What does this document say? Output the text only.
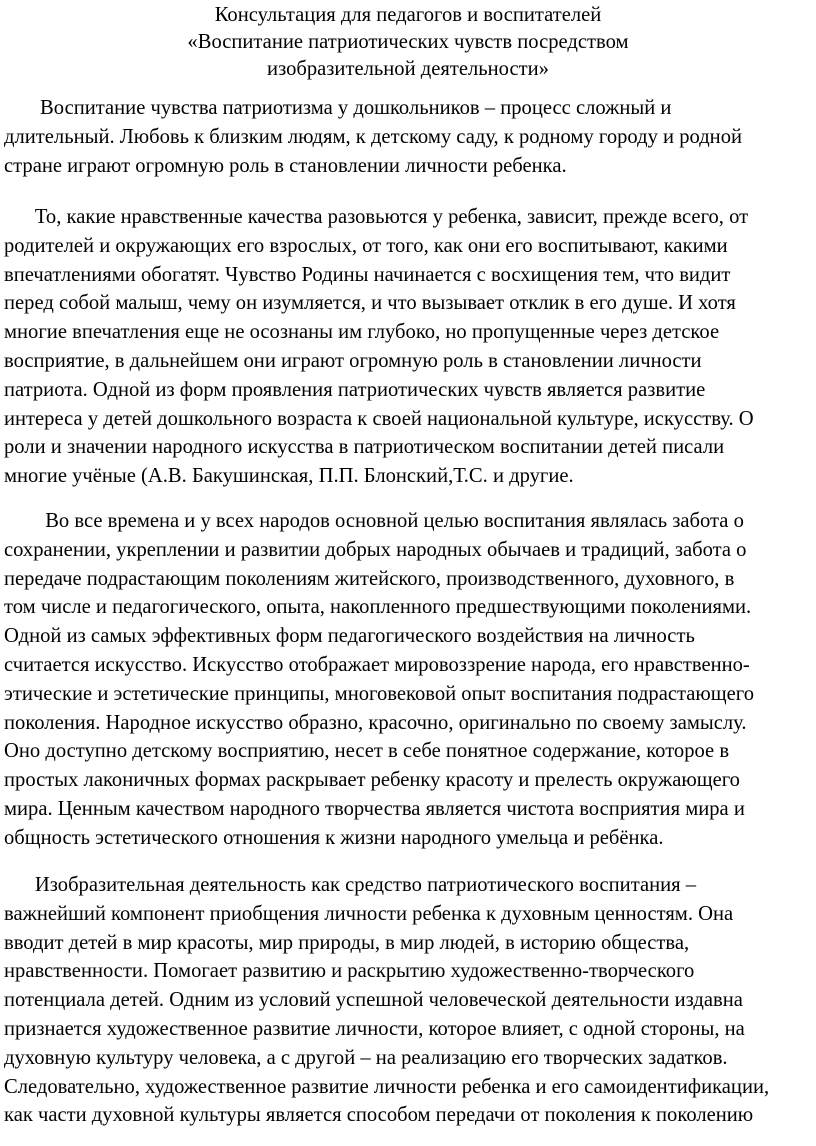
Консультация для педагогов и воспитателей
«Воспитание патриотических чувств посредством
изобразительной деятельности»
Воспитание чувства патриотизма у дошкольников – процесс сложный и
длительный. Любовь к близким людям, к детскому саду, к родному городу и родной
стране играют огромную роль в становлении личности ребенка.
То, какие нравственные качества разовьются у ребенка, зависит, прежде всего, от
родителей и окружающих его взрослых, от того, как они его воспитывают, какими
впечатлениями обогатят. Чувство Родины начинается с восхищения тем, что видит
перед собой малыш, чему он изумляется, и что вызывает отклик в его душе. И хотя
многие впечатления еще не осознаны им глубоко, но пропущенные через детское
восприятие, в дальнейшем они играют огромную роль в становлении личности
патриота. Одной из форм проявления патриотических чувств является развитие
интереса у детей дошкольного возраста к своей национальной культуре, искусству. О
роли и значении народного искусства в патриотическом воспитании детей писали
многие учёные (А.В. Бакушинская, П.П. Блонский,Т.С. и другие.
Во все времена и у всех народов основной целью воспитания являлась забота о
сохранении, укреплении и развитии добрых народных обычаев и традиций, забота о
передаче подрастающим поколениям житейского, производственного, духовного, в
том числе и педагогического, опыта, накопленного предшествующими поколениями.
Одной из самых эффективных форм педагогического воздействия на личность
считается искусство. Искусство отображает мировоззрение народа, его нравственно-
этические и эстетические принципы, многовековой опыт воспитания подрастающего
поколения. Народное искусство образно, красочно, оригинально по своему замыслу.
Оно доступно детскому восприятию, несет в себе понятное содержание, которое в
простых лаконичных формах раскрывает ребенку красоту и прелесть окружающего
мира. Ценным качеством народного творчества является чистота восприятия мира и
общность эстетического отношения к жизни народного умельца и ребёнка.
Изобразительная деятельность как средство патриотического воспитания –
важнейший компонент приобщения личности ребенка к духовным ценностям. Она
вводит детей в мир красоты, мир природы, в мир людей, в историю общества,
нравственности. Помогает развитию и раскрытию художественно-творческого
потенциала детей. Одним из условий успешной человеческой деятельности издавна
признается художественное развитие личности, которое влияет, с одной стороны, на
духовную культуру человека, а с другой – на реализацию его творческих задатков.
Следовательно, художественное развитие личности ребенка и его самоидентификации,
как части духовной культуры является способом передачи от поколения к поколению
